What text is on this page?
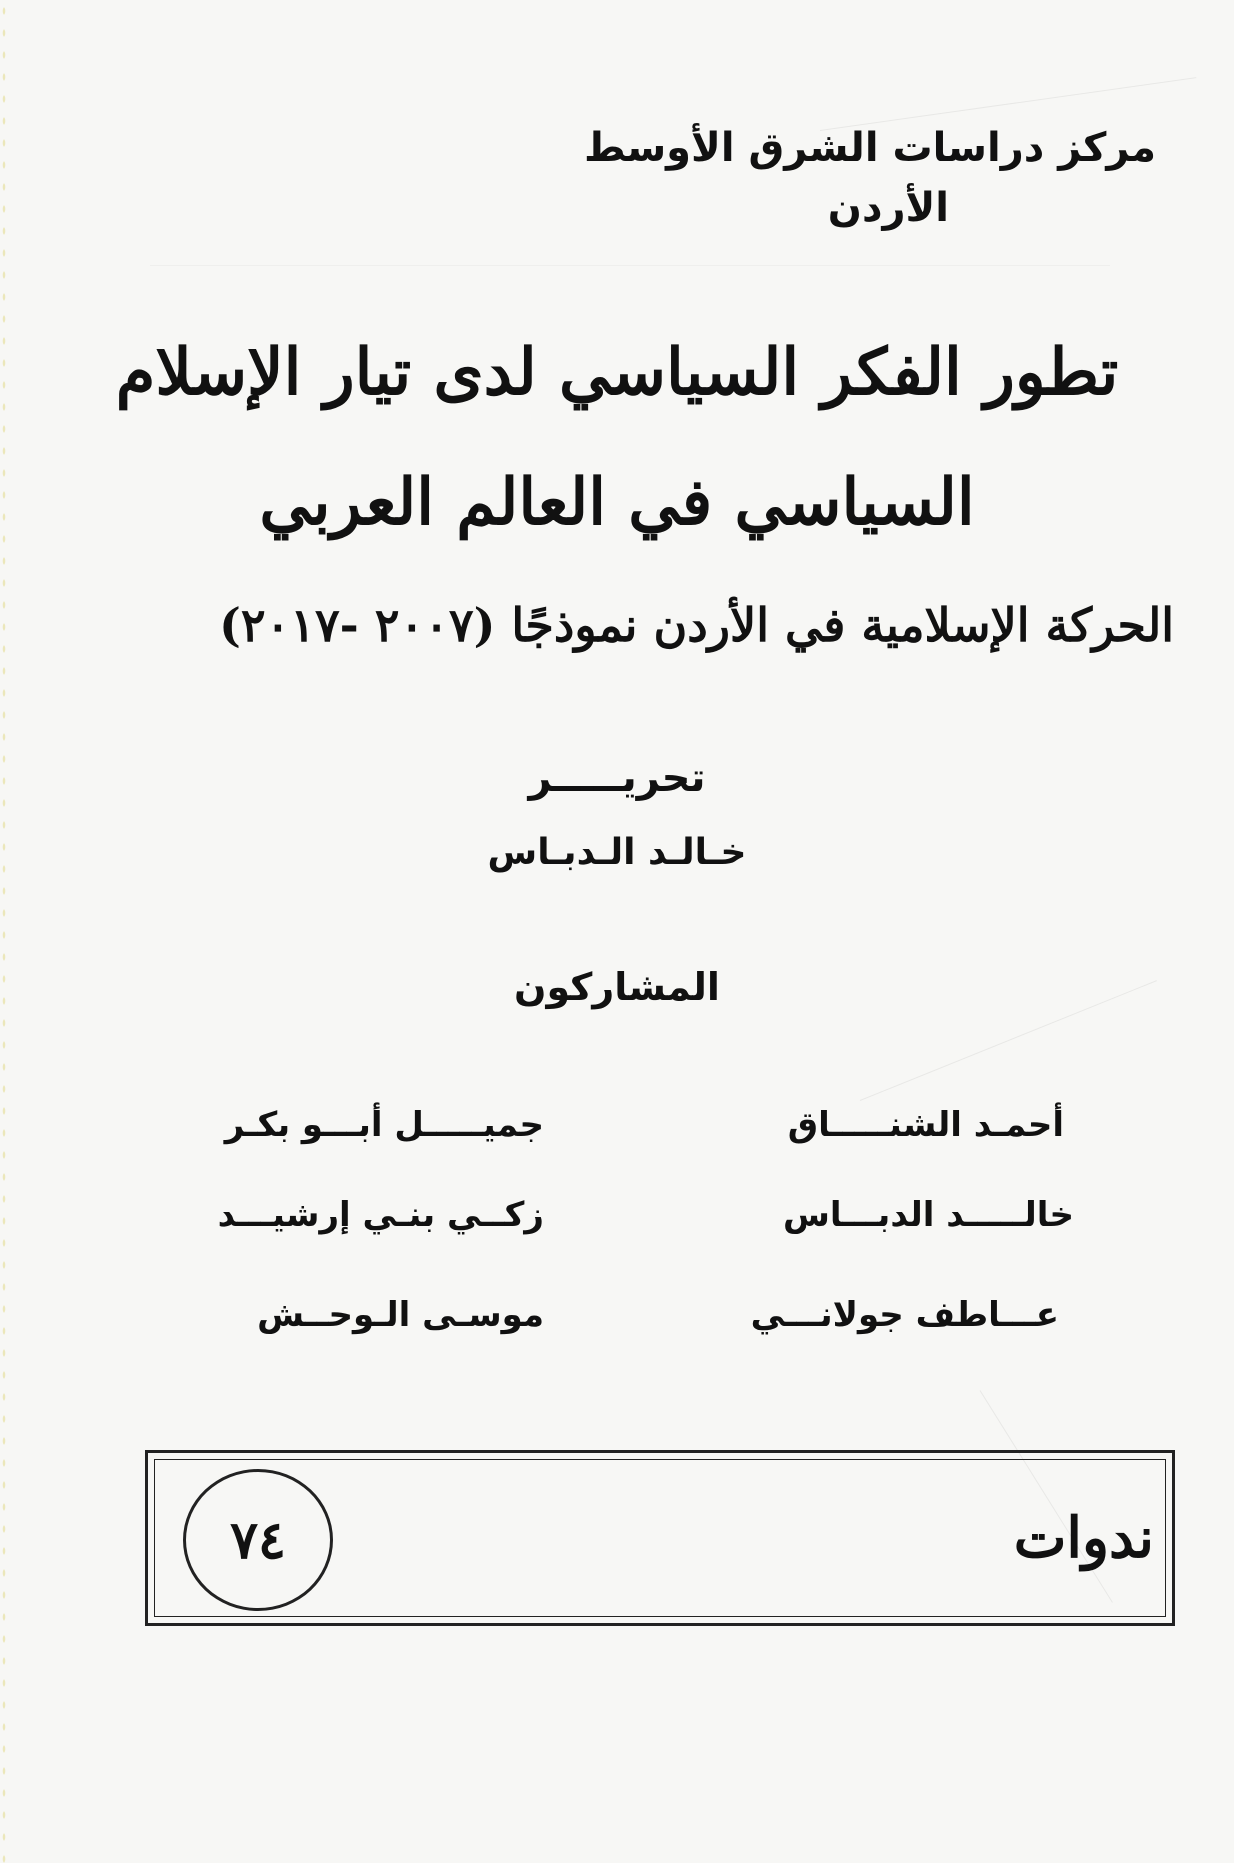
مركز دراسات الشرق الأوسط
الأردن
تطور الفكر السياسي لدى تيار الإسلام
السياسي في العالم العربي
الحركة الإسلامية في الأردن نموذجًا (٢٠٠٧ -٢٠١٧)
تحريـــــر
خـالـد الـدبـاس
المشاركون
أحمـد الشنـــــاق
جميـــــل أبـــو بكـر
خالـــــد الدبـــاس
زكــي بنـي إرشيـــد
عـــاطف جولانـــي
موسـى الـوحــش
ندوات
٧٤
